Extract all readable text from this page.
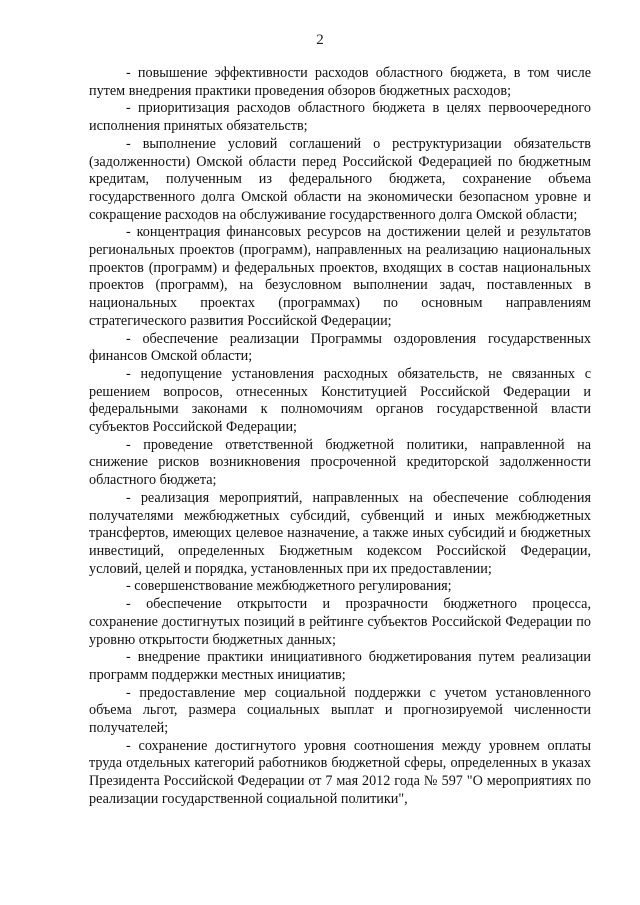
2

- повышение эффективности расходов областного бюджета, в том числе путем внедрения практики проведения обзоров бюджетных расходов;

- приоритизация расходов областного бюджета в целях первоочередного исполнения принятых обязательств;

- выполнение условий соглашений о реструктуризации обязательств (задолженности) Омской области перед Российской Федерацией по бюджетным кредитам, полученным из федерального бюджета, сохранение объема государственного долга Омской области на экономически безопасном уровне и сокращение расходов на обслуживание государственного долга Омской области;

- концентрация финансовых ресурсов на достижении целей и результатов региональных проектов (программ), направленных на реализацию национальных проектов (программ) и федеральных проектов, входящих в состав национальных проектов (программ), на безусловном выполнении задач, поставленных в национальных проектах (программах) по основным направлениям стратегического развития Российской Федерации;

- обеспечение реализации Программы оздоровления государственных финансов Омской области;

- недопущение установления расходных обязательств, не связанных с решением вопросов, отнесенных Конституцией Российской Федерации и федеральными законами к полномочиям органов государственной власти субъектов Российской Федерации;

- проведение ответственной бюджетной политики, направленной на снижение рисков возникновения просроченной кредиторской задолженности областного бюджета;

- реализация мероприятий, направленных на обеспечение соблюдения получателями межбюджетных субсидий, субвенций и иных межбюджетных трансфертов, имеющих целевое назначение, а также иных субсидий и бюджетных инвестиций, определенных Бюджетным кодексом Российской Федерации, условий, целей и порядка, установленных при их предоставлении;

- совершенствование межбюджетного регулирования;

- обеспечение открытости и прозрачности бюджетного процесса, сохранение достигнутых позиций в рейтинге субъектов Российской Федерации по уровню открытости бюджетных данных;

- внедрение практики инициативного бюджетирования путем реализации программ поддержки местных инициатив;

- предоставление мер социальной поддержки с учетом установленного объема льгот, размера социальных выплат и прогнозируемой численности получателей;

- сохранение достигнутого уровня соотношения между уровнем оплаты труда отдельных категорий работников бюджетной сферы, определенных в указах Президента Российской Федерации от 7 мая 2012 года № 597 "О мероприятиях по реализации государственной социальной политики",
